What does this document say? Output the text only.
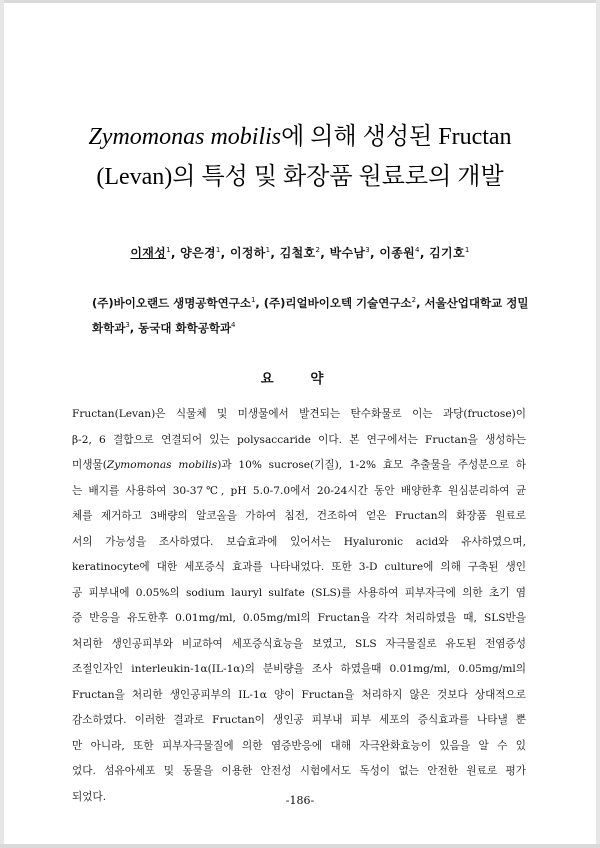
Zymomonas mobilis에 의해 생성된 Fructan
(Levan)의 특성 및 화장품 원료로의 개발
이재성$^1$, 양은경$^1$, 이정하$^1$, 김철호$^2$, 박수남$^3$, 이종원$^4$, 김기호$^1$
(주)바이오랜드 생명공학연구소$^1$, (주)리얼바이오텍 기술연구소$^2$, 서울산업대학교 정밀
화학과$^3$, 동국대 화학공학과$^4$
요 약
Fructan(Levan)은 식물체 및 미생물에서 발견되는 탄수화물로 이는 과당(fructose)이
β-2, 6 결합으로 연결되어 있는 polysaccaride 이다. 본 연구에서는 Fructan을 생성하는
미생물(Zymomonas mobilis)과 10% sucrose(기질), 1-2% 효모 추출물을 주성분으로 하
는 배지를 사용하여 30-37℃, pH 5.0-7.0에서 20-24시간 동안 배양한후 원심분리하여 균
체를 제거하고 3배량의 알코올을 가하여 침전, 건조하여 얻은 Fructan의 화장품 원료로
서의 가능성을 조사하였다. 보습효과에 있어서는 Hyaluronic acid와 유사하였으며,
keratinocyte에 대한 세포증식 효과를 나타내었다. 또한 3-D culture에 의해 구축된 생인
공 피부내에 0.05%의 sodium lauryl sulfate (SLS)를 사용하여 피부자극에 의한 초기 염
증 반응을 유도한후 0.01mg/ml, 0.05mg/ml의 Fructan을 각각 처리하였을 때, SLS반을
처리한 생인공피부와 비교하여 세포증식효능을 보였고, SLS 자극물질로 유도된 전염증성
조절인자인 interleukin-1α(IL-1α)의 분비량을 조사 하였을때 0.01mg/ml, 0.05mg/ml의
Fructan을 처리한 생인공피부의 IL-1α 양이 Fructan을 처리하지 않은 것보다 상대적으로
감소하였다. 이러한 결과로 Fructan이 생인공 피부내 피부 세포의 증식효과를 나타낼 뿐
만 아니라, 또한 피부자극물질에 의한 염증반응에 대해 자극완화효능이 있음을 알 수 있
었다. 섬유아세포 및 동물을 이용한 안전성 시험에서도 독성이 없는 안전한 원료로 평가
되었다.	-186-
